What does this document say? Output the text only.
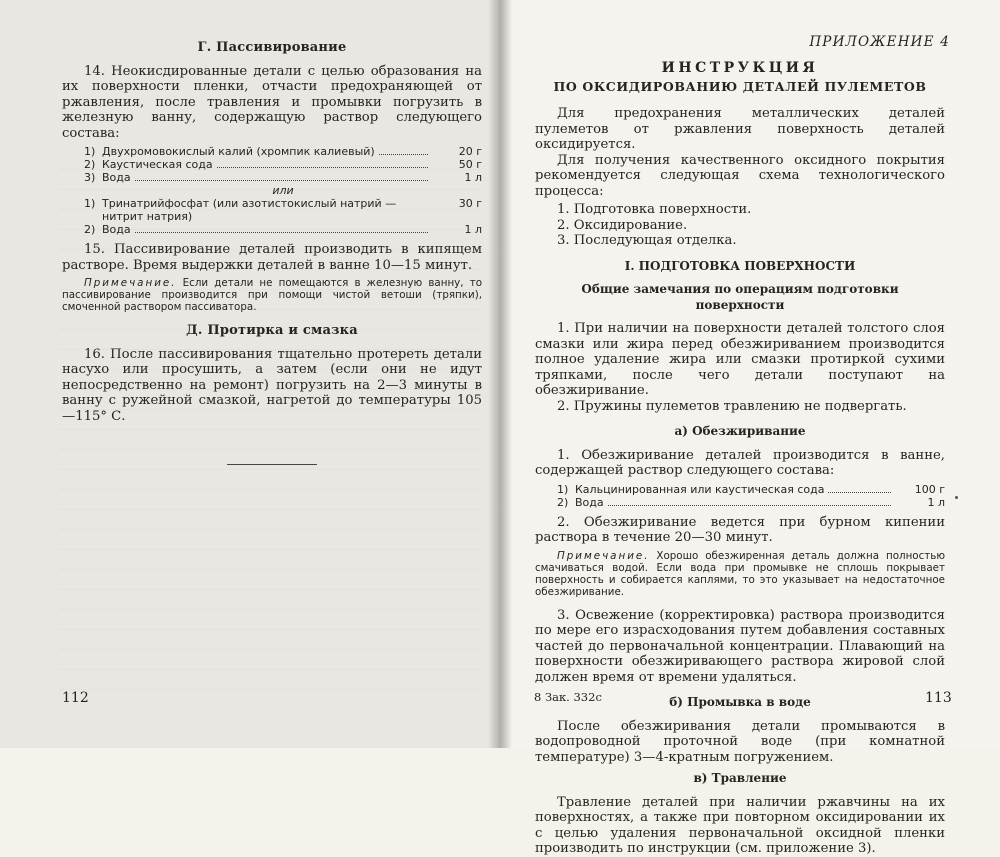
Г. Пассивирование

14. Неокисдированные детали с целью образования на их поверхности пленки, отчасти предохраняющей от ржавления, после травления и промывки погрузить в железную ванну, содержащую раствор следующего состава:

1) Двухромовокислый калий (хромпик калиевый)	20 г
2) Каустическая сода	50 г
3) Вода	1 л
или
1) Тринатрийфосфат (или азотистокислый натрий — нитрит натрия)
30 г
2) Вода	1 л

15. Пассивирование деталей производить в кипящем растворе. Время выдержки деталей в ванне 10—15 минут.

Примечание. Если детали не помещаются в железную ванну, то пассивирование производится при помощи чистой ветоши (тряпки), смоченной раствором пассиватора.

Д. Протирка и смазка

16. После пассивирования тщательно протереть детали насухо или просушить, а затем (если они не идут непосредственно на ремонт) погрузить на 2—3 минуты в ванну с ружейной смазкой, нагретой до температуры 105—115° С.

112
ПРИЛОЖЕНИЕ 4
ИНСТРУКЦИЯ
ПО ОКСИДИРОВАНИЮ ДЕТАЛЕЙ ПУЛЕМЕТОВ

Для предохранения металлических деталей пулеметов от ржавления поверхность деталей оксидируется.

Для получения качественного оксидного покрытия рекомендуется следующая схема технологического процесса:

1. Подготовка поверхности.
2. Оксидирование.
3. Последующая отделка.
I. ПОДГОТОВКА ПОВЕРХНОСТИ
Общие замечания по операциям подготовки поверхности

1. При наличии на поверхности деталей толстого слоя смазки или жира перед обезжириванием производится полное удаление жира или смазки протиркой сухими тряпками, после чего детали поступают на обезжиривание.

2. Пружины пулеметов травлению не подвергать.

а) Обезжиривание

1. Обезжиривание деталей производится в ванне, содержащей раствор следующего состава:

1) Кальцинированная или каустическая сода	100 г
2) Вода	1 л

2. Обезжиривание ведется при бурном кипении раствора в течение 20—30 минут.

Примечание. Хорошо обезжиренная деталь должна полностью смачиваться водой. Если вода при промывке не сплошь покрывает поверхность и собирается каплями, то это указывает на недостаточное обезжиривание.

3. Освежение (корректировка) раствора производится по мере его израсходования путем добавления составных частей до первоначальной концентрации. Плавающий на поверхности обезжиривающего раствора жировой слой должен время от времени удаляться.

б) Промывка в воде

После обезжиривания детали промываются в водопроводной проточной воде (при комнатной температуре) 3—4-кратным погружением.

в) Травление

Травление деталей при наличии ржавчины на их поверхностях, а также при повторном оксидировании их с целью удаления первоначальной оксидной пленки производить по инструкции (см. приложение 3).

8 Зак. 332с	113
